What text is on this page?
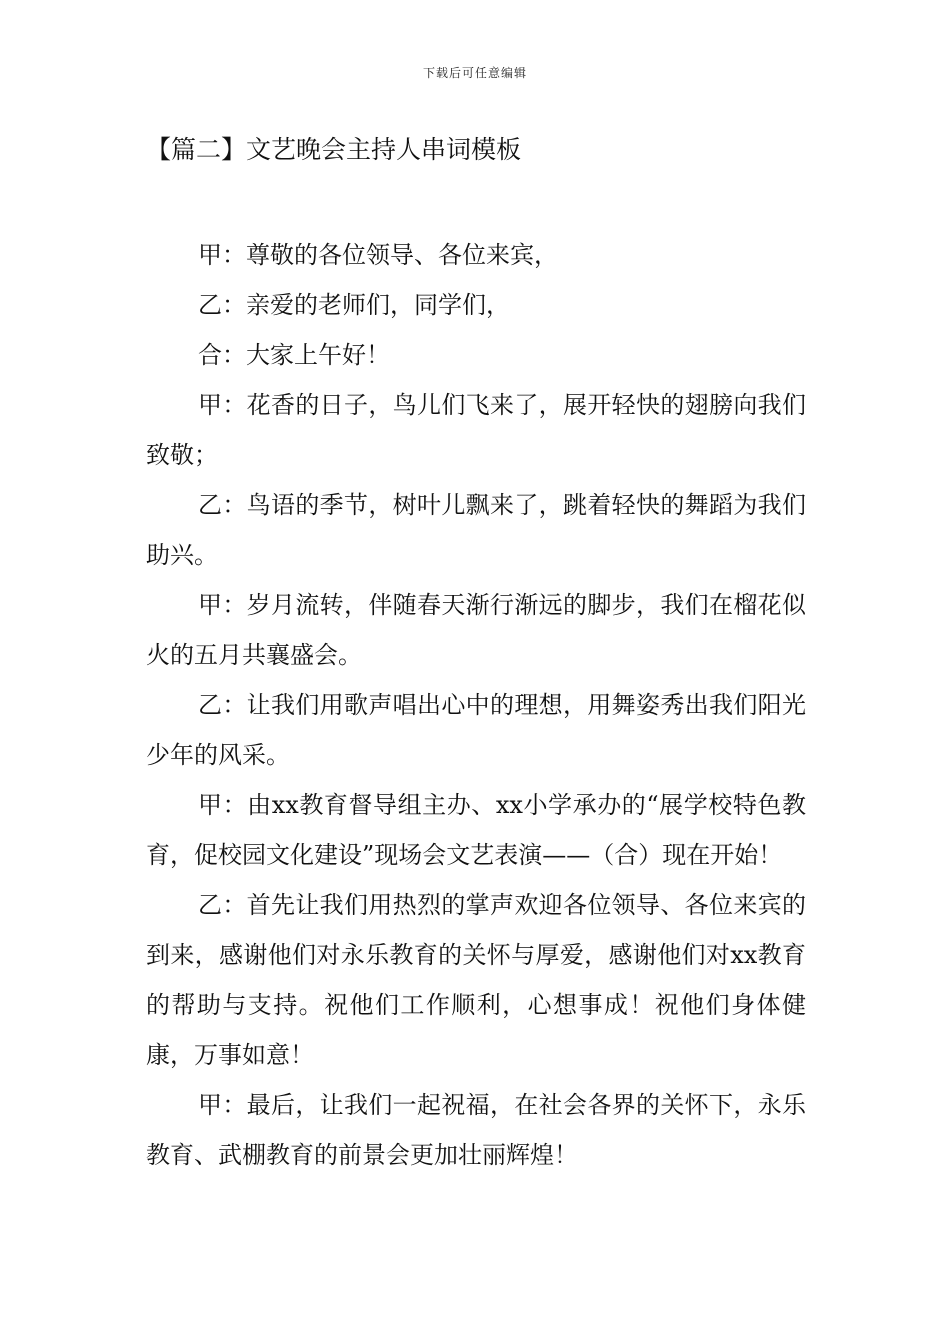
下载后可任意编辑
【篇二】文艺晚会主持人串词模板

甲：尊敬的各位领导、各位来宾，

乙：亲爱的老师们，同学们，

合：大家上午好！

甲：花香的日子，鸟儿们飞来了，展开轻快的翅膀向我们致敬；

乙：鸟语的季节，树叶儿飘来了，跳着轻快的舞蹈为我们助兴。

甲：岁月流转，伴随春天渐行渐远的脚步，我们在榴花似火的五月共襄盛会。

乙：让我们用歌声唱出心中的理想，用舞姿秀出我们阳光少年的风采。

甲：由xx教育督导组主办、xx小学承办的“展学校特色教育，促校园文化建设”现场会文艺表演——（合）现在开始！

乙：首先让我们用热烈的掌声欢迎各位领导、各位来宾的到来，感谢他们对永乐教育的关怀与厚爱，感谢他们对xx教育的帮助与支持。祝他们工作顺利，心想事成！祝他们身体健康，万事如意！

甲：最后，让我们一起祝福，在社会各界的关怀下，永乐教育、武棚教育的前景会更加壮丽辉煌！
